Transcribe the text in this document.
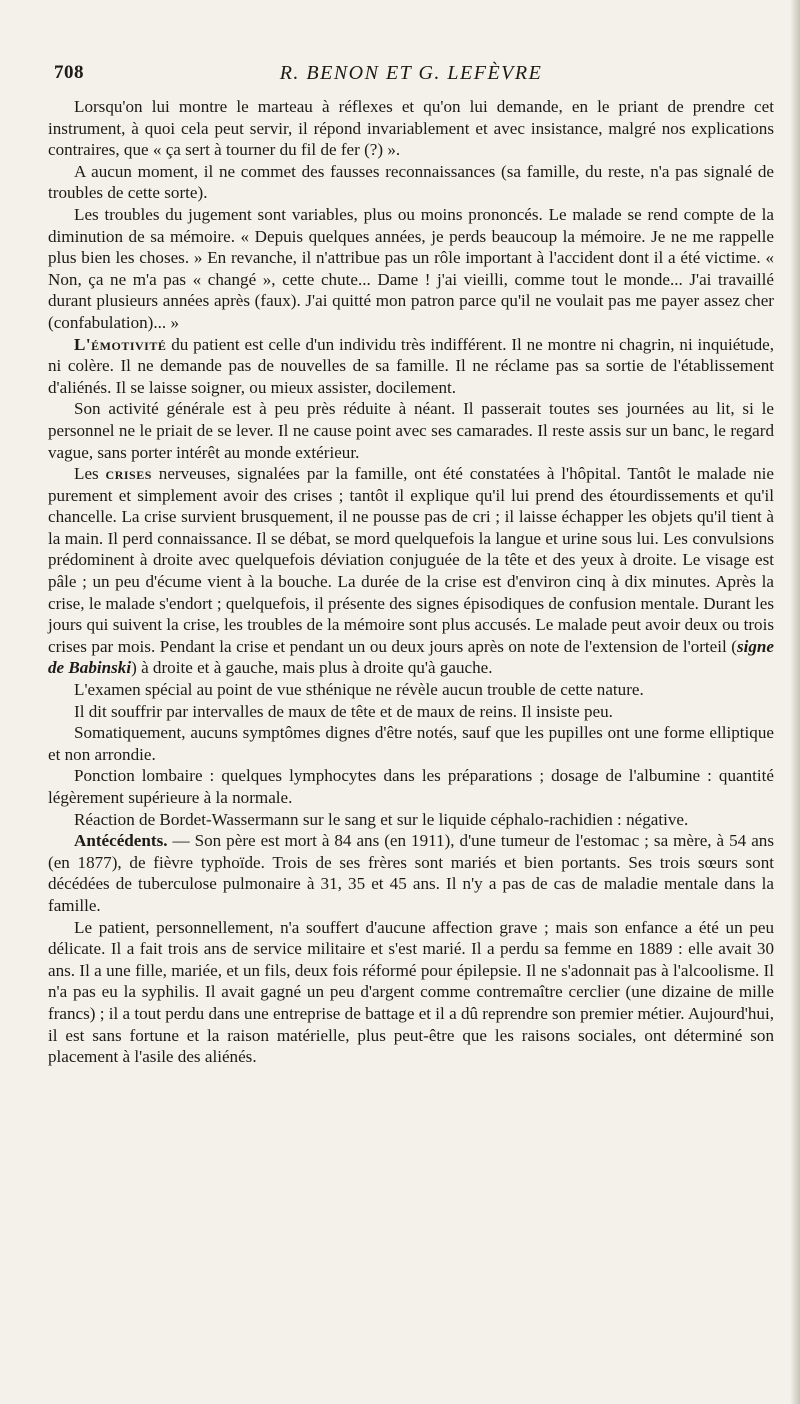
708	R. BENON ET G. LEFÈVRE

Lorsqu'on lui montre le marteau à réflexes et qu'on lui demande, en le priant de prendre cet instrument, à quoi cela peut servir, il répond invariablement et avec insistance, malgré nos explications contraires, que « ça sert à tourner du fil de fer (?) ».

A aucun moment, il ne commet des fausses reconnaissances (sa famille, du reste, n'a pas signalé de troubles de cette sorte).

Les troubles du jugement sont variables, plus ou moins prononcés. Le malade se rend compte de la diminution de sa mémoire. « Depuis quelques années, je perds beaucoup la mémoire. Je ne me rappelle plus bien les choses. » En revanche, il n'attribue pas un rôle important à l'accident dont il a été victime. « Non, ça ne m'a pas « changé », cette chute... Dame ! j'ai vieilli, comme tout le monde... J'ai travaillé durant plusieurs années après (faux). J'ai quitté mon patron parce qu'il ne voulait pas me payer assez cher (confabulation)... »

L'émotivité du patient est celle d'un individu très indifférent. Il ne montre ni chagrin, ni inquiétude, ni colère. Il ne demande pas de nouvelles de sa famille. Il ne réclame pas sa sortie de l'établissement d'aliénés. Il se laisse soigner, ou mieux assister, docilement.

Son activité générale est à peu près réduite à néant. Il passerait toutes ses journées au lit, si le personnel ne le priait de se lever. Il ne cause point avec ses camarades. Il reste assis sur un banc, le regard vague, sans porter intérêt au monde extérieur.

Les crises nerveuses, signalées par la famille, ont été constatées à l'hôpital. Tantôt le malade nie purement et simplement avoir des crises ; tantôt il explique qu'il lui prend des étourdissements et qu'il chancelle. La crise survient brusquement, il ne pousse pas de cri ; il laisse échapper les objets qu'il tient à la main. Il perd connaissance. Il se débat, se mord quelquefois la langue et urine sous lui. Les convulsions prédominent à droite avec quelquefois déviation conjuguée de la tête et des yeux à droite. Le visage est pâle ; un peu d'écume vient à la bouche. La durée de la crise est d'environ cinq à dix minutes. Après la crise, le malade s'endort ; quelquefois, il présente des signes épisodiques de confusion mentale. Durant les jours qui suivent la crise, les troubles de la mémoire sont plus accusés. Le malade peut avoir deux ou trois crises par mois. Pendant la crise et pendant un ou deux jours après on note de l'extension de l'orteil (signe de Babinski) à droite et à gauche, mais plus à droite qu'à gauche.

L'examen spécial au point de vue sthénique ne révèle aucun trouble de cette nature.

Il dit souffrir par intervalles de maux de tête et de maux de reins. Il insiste peu.

Somatiquement, aucuns symptômes dignes d'être notés, sauf que les pupilles ont une forme elliptique et non arrondie.

Ponction lombaire : quelques lymphocytes dans les préparations ; dosage de l'albumine : quantité légèrement supérieure à la normale.

Réaction de Bordet-Wassermann sur le sang et sur le liquide céphalo-rachidien : négative.

Antécédents. — Son père est mort à 84 ans (en 1911), d'une tumeur de l'estomac ; sa mère, à 54 ans (en 1877), de fièvre typhoïde. Trois de ses frères sont mariés et bien portants. Ses trois sœurs sont décédées de tuberculose pulmonaire à 31, 35 et 45 ans. Il n'y a pas de cas de maladie mentale dans la famille.

Le patient, personnellement, n'a souffert d'aucune affection grave ; mais son enfance a été un peu délicate. Il a fait trois ans de service militaire et s'est marié. Il a perdu sa femme en 1889 : elle avait 30 ans. Il a une fille, mariée, et un fils, deux fois réformé pour épilepsie. Il ne s'adonnait pas à l'alcoolisme. Il n'a pas eu la syphilis. Il avait gagné un peu d'argent comme contremaître cerclier (une dizaine de mille francs) ; il a tout perdu dans une entreprise de battage et il a dû reprendre son premier métier. Aujourd'hui, il est sans fortune et la raison matérielle, plus peut-être que les raisons sociales, ont déterminé son placement à l'asile des aliénés.
